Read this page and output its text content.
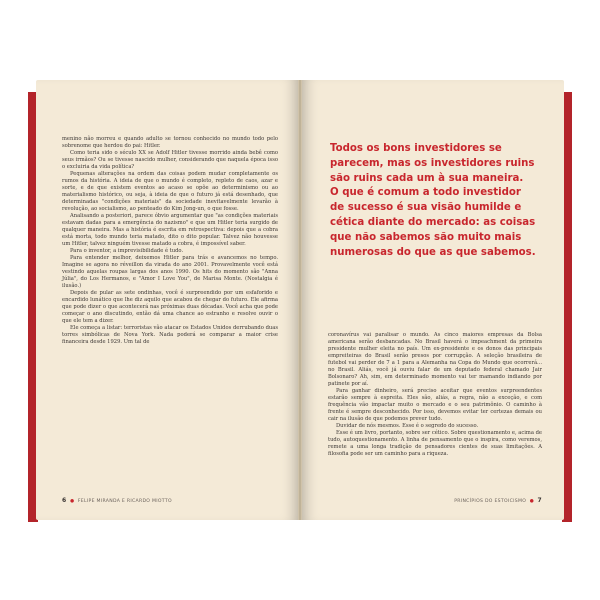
menino não morreu e quando adulto se tornou conhecido no mundo todo pelo sobrenome que herdou do pai: Hitler.

Como teria sido o século XX se Adolf Hitler tivesse morrido ainda bebê como seus irmãos? Ou se tivesse nascido mulher, considerando que naquela época isso o excluiria da vida política?

Pequenas alterações na ordem das coisas podem mudar completamente os rumos da história. A ideia de que o mundo é completo, repleto de caos, azar e sorte, e de que existem eventos ao acaso se opõe ao determinismo ou ao materialismo histórico, ou seja, à ideia de que o futuro já está desenhado, que determinadas "condições materiais" da sociedade inevitavelmente levarão à revolução, ao socialismo, ao penteado do Kim Jong-un, o que fosse.

Analisando a posteriori, parece óbvio argumentar que "as condições materiais estavam dadas para a emergência do nazismo" e que um Hitler teria surgido de qualquer maneira. Mas a história é escrita em retrospectiva: depois que a cobra está morta, todo mundo teria matado, dito o dito popular. Talvez não houvesse um Hitler, talvez ninguém tivesse matado a cobra, é impossível saber.

Para o inventor, a imprevisibilidade é tudo.

Para entender melhor, deixemos Hitler para trás e avancemos no tempo. Imagine se agora no réveillon da virada do ano 2001. Provavelmente você está vestindo aquelas roupas largas dos anos 1990. Os hits do momento são "Anna Júlia", do Los Hermanos, e "Amor I Love You", de Marisa Monte. (Nostalgia é ilusão.)

Depois de pular as sete ondinhas, você é surpreendido por um esfaforido e encardido lunático que lhe diz aquilo que acabou de chegar do futuro. Ele afirma que pode dizer o que acontecerá nas próximas duas décadas. Você acha que pode começar o ano discutindo, então dá uma chance ao estranho e resolve ouvir o que ele tem a dizer.

Ele começa a listar: terroristas vão atacar os Estados Unidos derrubando duas torres simbólicas de Nova York. Nada poderá se comparar a maior crise financeira desde 1929. Um tal de

6  ●  FELIPE MIRANDA E RICARDO MIOTTO
Todos os bons investidores se
parecem, mas os investidores ruins
são ruins cada um à sua maneira.
O que é comum a todo investidor
de sucesso é sua visão humilde e
cética diante do mercado: as coisas
que não sabemos são muito mais
numerosas do que as que sabemos.

coronavírus vai paralisar o mundo. As cinco maiores empresas da Bolsa americana serão desbancadas. No Brasil haverá o impeachment da primeira presidente mulher eleita no país. Um ex-presidente e os donos das principais empreiteiras do Brasil serão presos por corrupção. A seleção brasileira de futebol vai perder de 7 a 1 para a Alemanha na Copa do Mundo que ocorrerá... no Brasil. Aliás, você já ouviu falar de um deputado federal chamado Jair Bolsonaro? Ah, sim, em determinado momento vai ter mamando indiando por patinete por aí.

Para ganhar dinheiro, será preciso aceitar que eventos surpreendentes estarão sempre à espreita. Eles são, aliás, a regra, não a exceção, e com frequência vão impactar muito o mercado e o seu patrimônio. O caminho à frente é sempre desconhecido. Por isso, devemos evitar ter certezas demais ou cair na ilusão de que podemos prever tudo.

Duvidar de nós mesmos. Esse é o segredo do sucesso.

Esse é um livro, portanto, sobre ser cético. Sobre questionamento e, acima de tudo, autoquestionamento. A linha de pensamento que o inspira, como veremos, remete a uma longa tradição de pensadores cientes de suas limitações. A filosofia pode ser um caminho para a riqueza.

PRINCÍPIOS DO ESTOICISMO  ●  7
